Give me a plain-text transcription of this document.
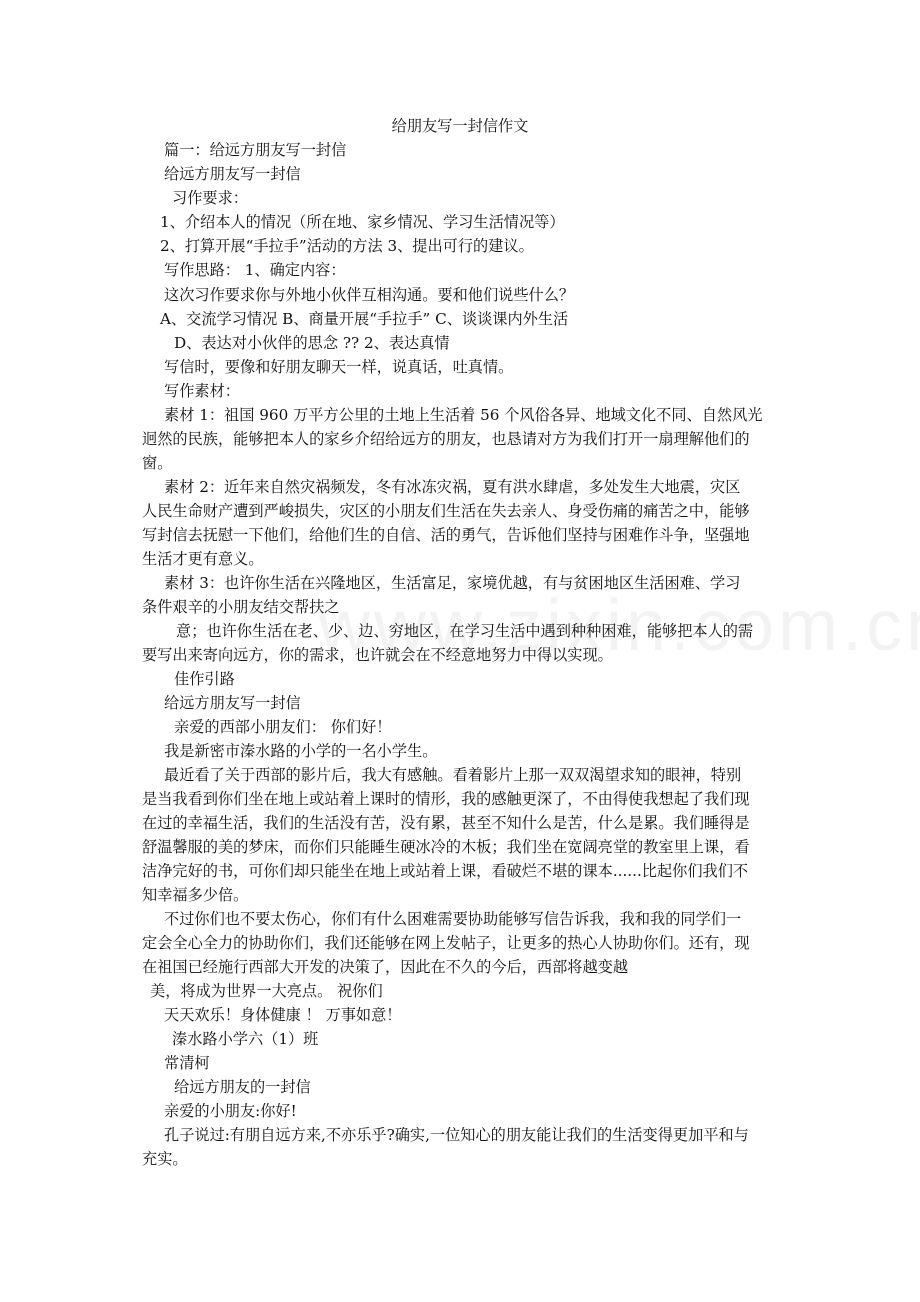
给朋友写一封信作文
篇一：给远方朋友写一封信
给远方朋友写一封信
习作要求：
1、介绍本人的情况（所在地、家乡情况、学习生活情况等）
2、打算开展“手拉手”活动的方法 3、提出可行的建议。
写作思路： 1、确定内容：
这次习作要求你与外地小伙伴互相沟通。要和他们说些什么？
A、交流学习情况 B、商量开展“手拉手” C、谈谈课内外生活
D、表达对小伙伴的思念 ?? 2、表达真情
写信时，要像和好朋友聊天一样，说真话，吐真情。
写作素材：
素材 1：祖国 960 万平方公里的土地上生活着 56 个风俗各异、地域文化不同、自然风光
迥然的民族，能够把本人的家乡介绍给远方的朋友，也恳请对方为我们打开一扇理解他们的
窗。
素材 2：近年来自然灾祸频发，冬有冰冻灾祸，夏有洪水肆虐，多处发生大地震，灾区
人民生命财产遭到严峻损失，灾区的小朋友们生活在失去亲人、身受伤痛的痛苦之中，能够
写封信去抚慰一下他们，给他们生的自信、活的勇气，告诉他们坚持与困难作斗争，坚强地
生活才更有意义。
素材 3：也许你生活在兴隆地区，生活富足，家境优越，有与贫困地区生活困难、学习
条件艰辛的小朋友结交帮扶之
意；也许你生活在老、少、边、穷地区，在学习生活中遇到种种困难，能够把本人的需
要写出来寄向远方，你的需求，也许就会在不经意地努力中得以实现。
佳作引路
给远方朋友写一封信
亲爱的西部小朋友们： 你们好！
我是新密市溱水路的小学的一名小学生。
最近看了关于西部的影片后，我大有感触。看着影片上那一双双渴望求知的眼神，特别
是当我看到你们坐在地上或站着上课时的情形，我的感触更深了，不由得使我想起了我们现
在过的幸福生活，我们的生活没有苦，没有累，甚至不知什么是苦，什么是累。我们睡得是
舒温馨服的美的梦床，而你们只能睡生硬冰冷的木板；我们坐在宽阔亮堂的教室里上课，看
洁净完好的书，可你们却只能坐在地上或站着上课，看破烂不堪的课本......比起你们我们不
知幸福多少倍。
不过你们也不要太伤心，你们有什么困难需要协助能够写信告诉我，我和我的同学们一
定会全心全力的协助你们，我们还能够在网上发帖子，让更多的热心人协助你们。还有，现
在祖国已经施行西部大开发的决策了，因此在不久的今后，西部将越变越
美，将成为世界一大亮点。 祝你们
天天欢乐！身体健康 ！ 万事如意！
溱水路小学六（1）班
常清柯
给远方朋友的一封信
亲爱的小朋友:你好!
孔子说过:有朋自远方来,不亦乐乎?确实,一位知心的朋友能让我们的生活变得更加平和与
充实。
